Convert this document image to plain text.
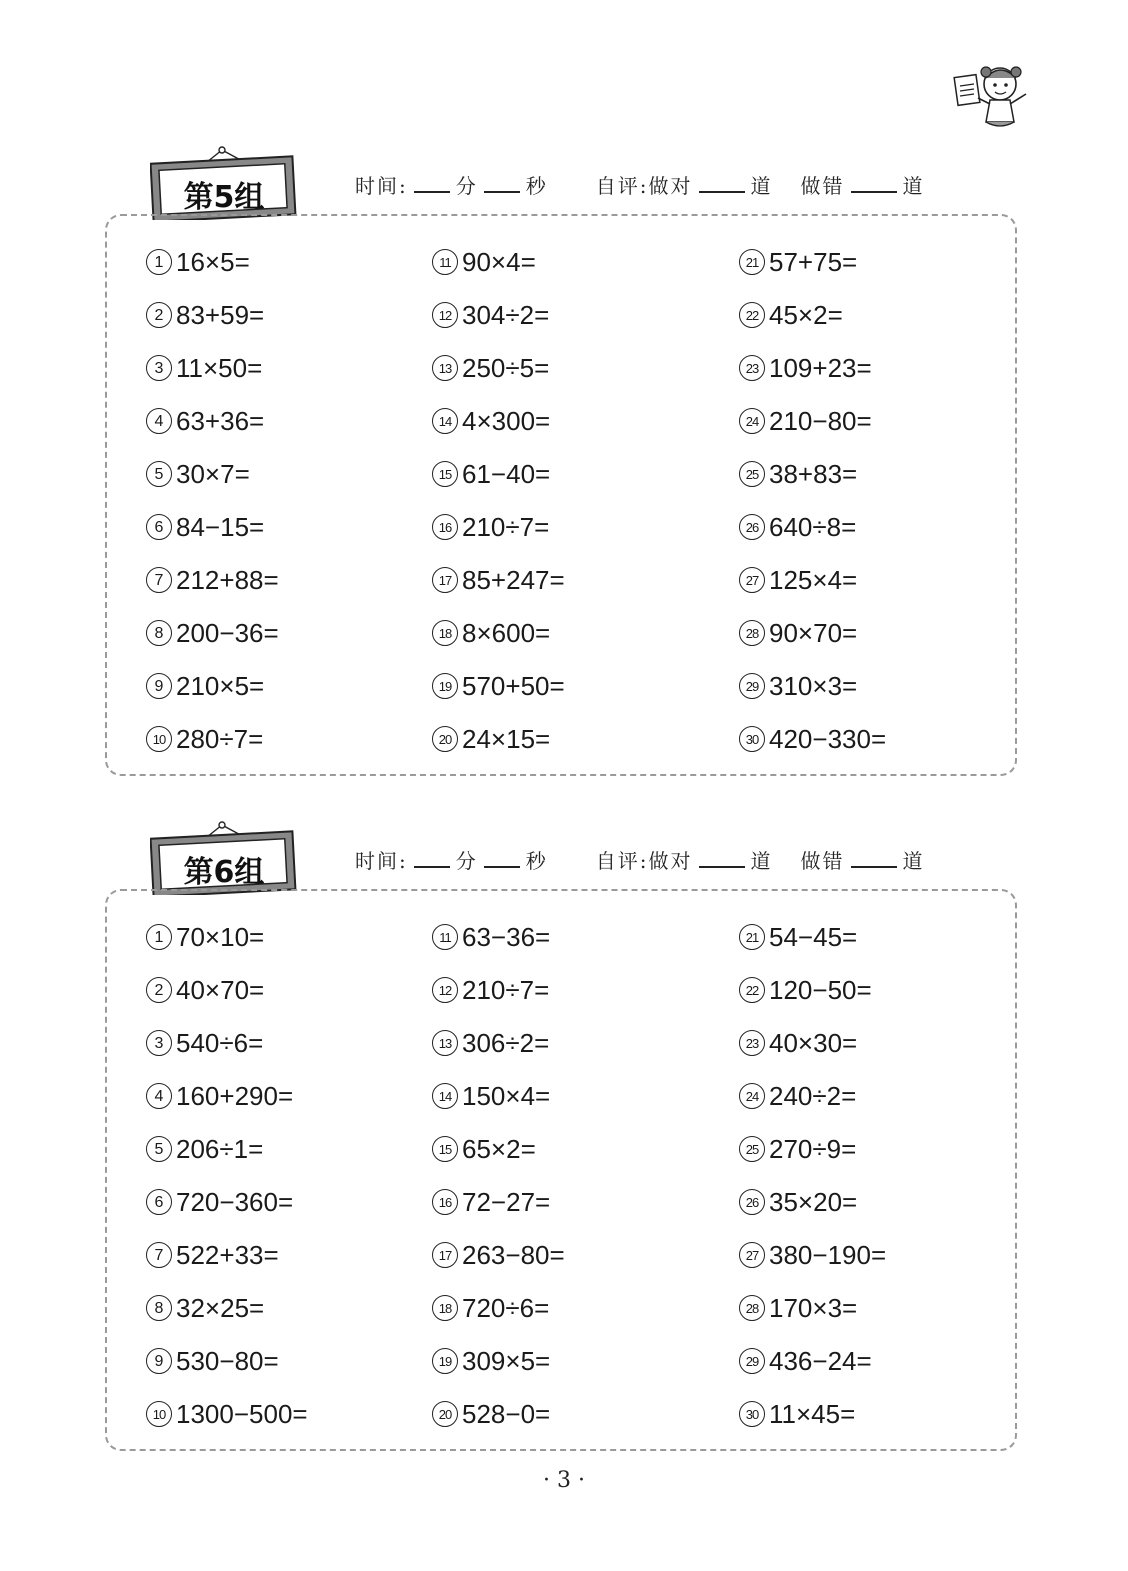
第5组	时间: 分 秒 自评:做对	道 做错	道
1 16×5=
2 83+59=
3 11×50=
4 63+36=
5 30×7=
6 84−15=
7 212+88=
8 200−36=
9 210×5=
10 280÷7=
11 90×4=
12 304÷2=
13 250÷5=
14 4×300=
15 61−40=
16 210÷7=
17 85+247=
18 8×600=
19 570+50=
20 24×15=
21 57+75=
22 45×2=
23 109+23=
24 210−80=
25 38+83=
26 640÷8=
27 125×4=
28 90×70=
29 310×3=
30 420−330=
第6组	时间: 分 秒 自评:做对	道 做错	道
1 70×10=
2 40×70=
3 540÷6=
4 160+290=
5 206÷1=
6 720−360=
7 522+33=
8 32×25=
9 530−80=
10 1300−500=
11 63−36=
12 210÷7=
13 306÷2=
14 150×4=
15 65×2=
16 72−27=
17 263−80=
18 720÷6=
19 309×5=
20 528−0=
21 54−45=
22 120−50=
23 40×30=
24 240÷2=
25 270÷9=
26 35×20=
27 380−190=
28 170×3=
29 436−24=
30 11×45=
· 3 ·
